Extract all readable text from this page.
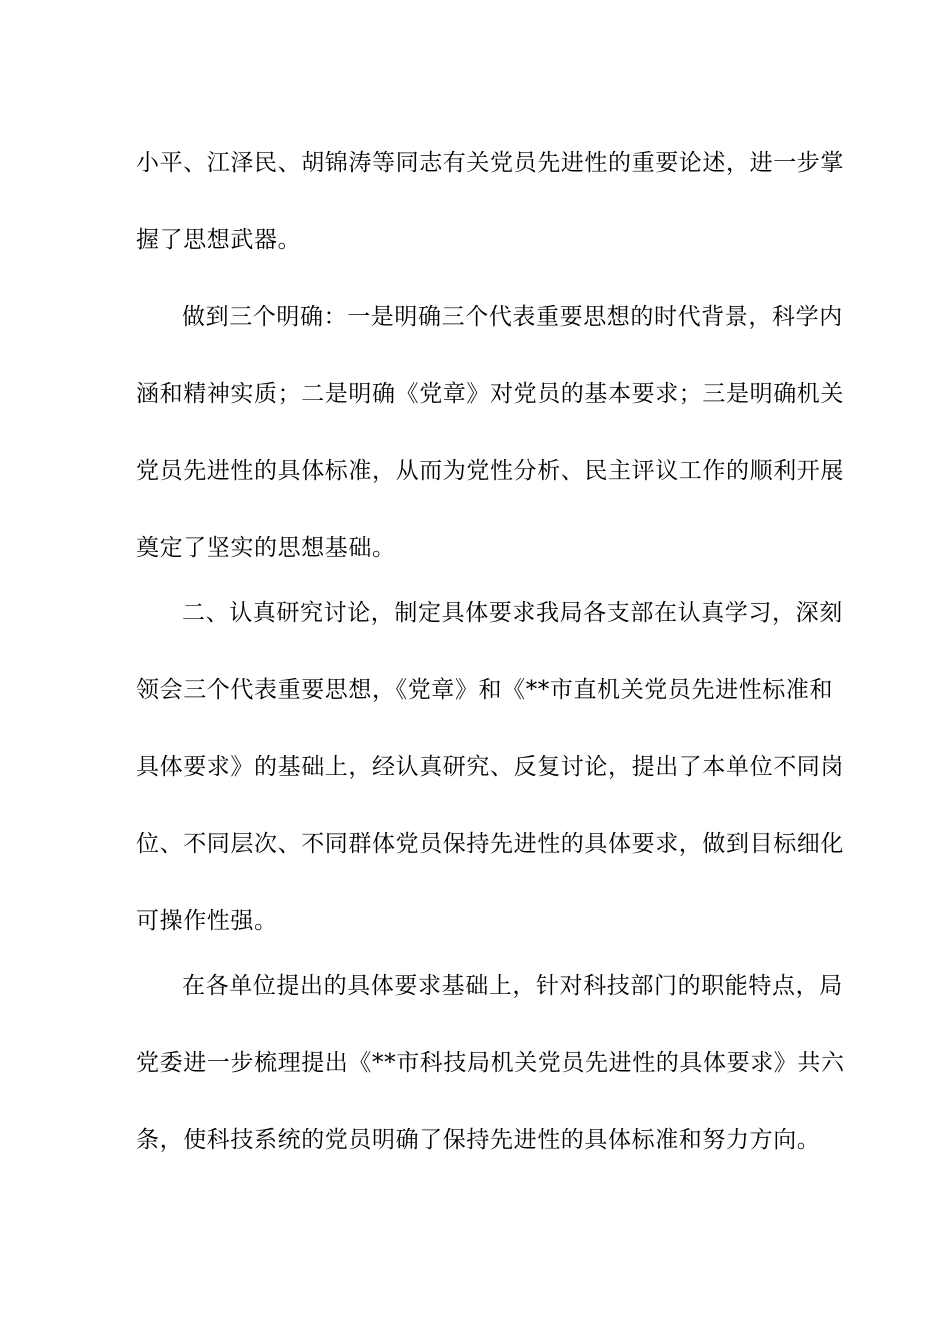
小平、江泽民、胡锦涛等同志有关党员先进性的重要论述，进一步掌
握了思想武器。
做到三个明确：一是明确三个代表重要思想的时代背景，科学内
涵和精神实质；二是明确《党章》对党员的基本要求；三是明确机关
党员先进性的具体标准，从而为党性分析、民主评议工作的顺利开展
奠定了坚实的思想基础。
二、认真研究讨论，制定具体要求我局各支部在认真学习，深刻
领会三个代表重要思想，《党章》和《**市直机关党员先进性标准和
具体要求》的基础上，经认真研究、反复讨论，提出了本单位不同岗
位、不同层次、不同群体党员保持先进性的具体要求，做到目标细化
可操作性强。
在各单位提出的具体要求基础上，针对科技部门的职能特点，局
党委进一步梳理提出《**市科技局机关党员先进性的具体要求》共六
条，使科技系统的党员明确了保持先进性的具体标准和努力方向。
